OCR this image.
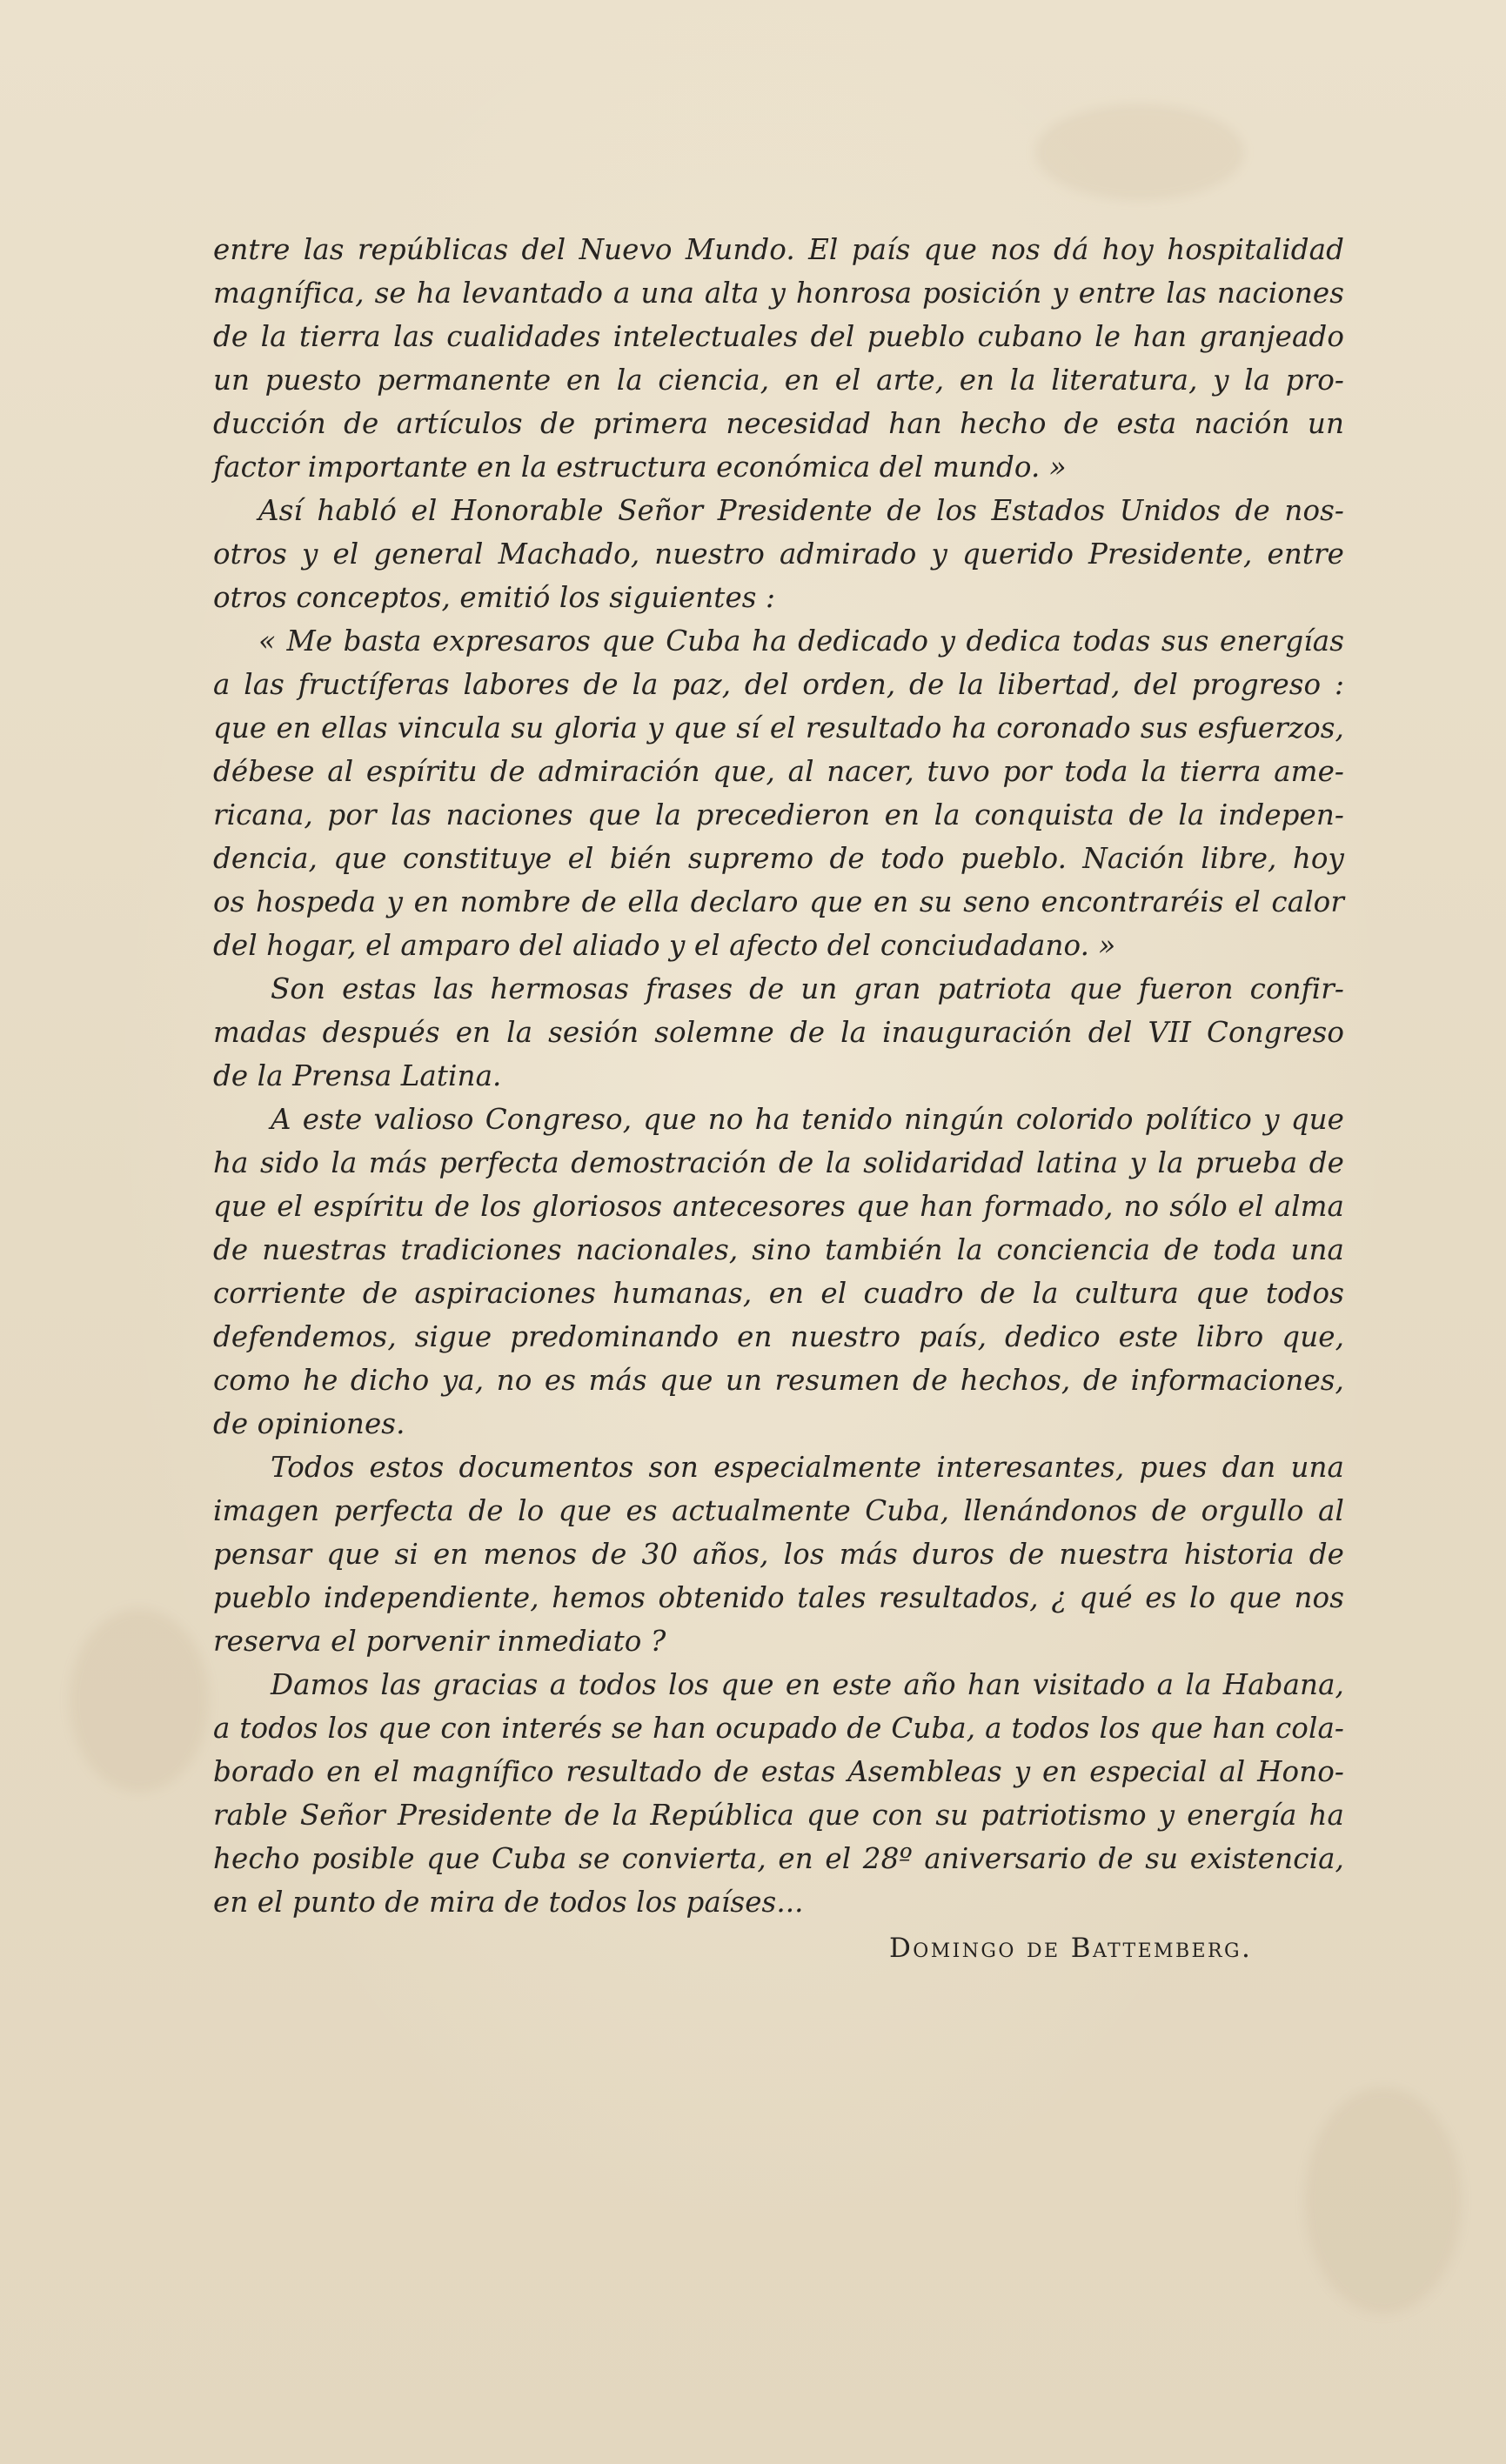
entre las repúblicas del Nuevo Mundo. El país que nos dá hoy hospitalidad
magnífica, se ha levantado a una alta y honrosa posición y entre las naciones
de la tierra las cualidades intelectuales del pueblo cubano le han granjeado
un puesto permanente en la ciencia, en el arte, en la literatura, y la pro-
ducción de artículos de primera necesidad han hecho de esta nación un
factor importante en la estructura económica del mundo. »
Así habló el Honorable Señor Presidente de los Estados Unidos de nos-
otros y el general Machado, nuestro admirado y querido Presidente, entre
otros conceptos, emitió los siguientes :
« Me basta expresaros que Cuba ha dedicado y dedica todas sus energías
a las fructíferas labores de la paz, del orden, de la libertad, del progreso :
que en ellas vincula su gloria y que sí el resultado ha coronado sus esfuerzos,
débese al espíritu de admiración que, al nacer, tuvo por toda la tierra ame-
ricana, por las naciones que la precedieron en la conquista de la indepen-
dencia, que constituye el bién supremo de todo pueblo. Nación libre, hoy
os hospeda y en nombre de ella declaro que en su seno encontraréis el calor
del hogar, el amparo del aliado y el afecto del conciudadano. »
Son estas las hermosas frases de un gran patriota que fueron confir-
madas después en la sesión solemne de la inauguración del VII Congreso
de la Prensa Latina.
A este valioso Congreso, que no ha tenido ningún colorido político y que
ha sido la más perfecta demostración de la solidaridad latina y la prueba de
que el espíritu de los gloriosos antecesores que han formado, no sólo el alma
de nuestras tradiciones nacionales, sino también la conciencia de toda una
corriente de aspiraciones humanas, en el cuadro de la cultura que todos
defendemos, sigue predominando en nuestro país, dedico este libro que,
como he dicho ya, no es más que un resumen de hechos, de informaciones,
de opiniones.
Todos estos documentos son especialmente interesantes, pues dan una
imagen perfecta de lo que es actualmente Cuba, llenándonos de orgullo al
pensar que si en menos de 30 años, los más duros de nuestra historia de
pueblo independiente, hemos obtenido tales resultados, ¿ qué es lo que nos
reserva el porvenir inmediato ?
Damos las gracias a todos los que en este año han visitado a la Habana,
a todos los que con interés se han ocupado de Cuba, a todos los que han cola-
borado en el magnífico resultado de estas Asembleas y en especial al Hono-
rable Señor Presidente de la República que con su patriotismo y energía ha
hecho posible que Cuba se convierta, en el 28º aniversario de su existencia,
en el punto de mira de todos los países...
Domingo de Battemberg.
